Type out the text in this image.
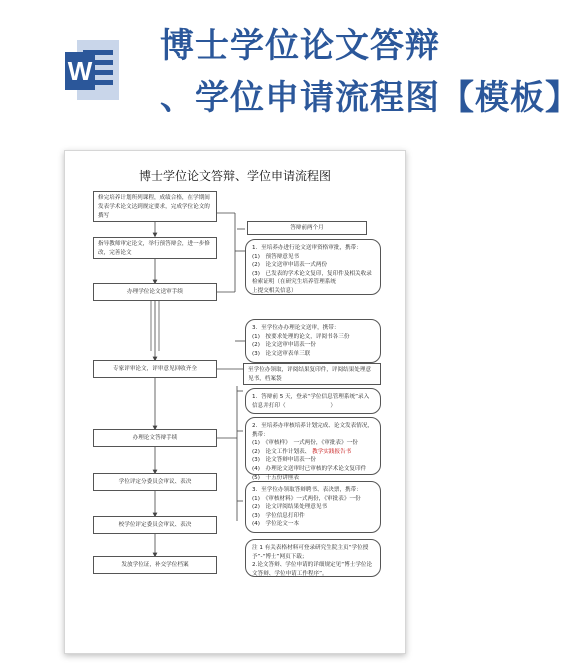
W
博士学位论文答辩
、学位申请流程图【模板】
博士学位论文答辩、学位申请流程图
修完培养计划所列课程，成绩合格，在学期间发表学术论文达到规定要求，完成学位论文的撰写
指导教师审定论文，举行预答辩会，进一步修改，完善论文
办理学位论文送审手续
专家评审论文，评审意见回收齐全
办理论文答辩手续
学位评定分委员会审议、表决
校学位评定委员会审议、表决
发放学位证，补交学位档案
答辩前两个月
1．至培养办进行论文送审资格审批，携带：
(1)　预答辩意见书
(2)　论文送审申请表一式两份
(3)　已发表的学术论文复印，复印件及相关收录检索证明（在研究生培养管理系统
上提交相关信息）
3．至学位办办理论文送审，携带：
(1)　按要求处理的论文，评阅书各三份
(2)　论文送审申请表一份
(3)　论文送审表单三联
至学位办领取，评阅结果复印件，评阅结果处理意见书，档案袋
1．答辩前 5 天，登录“学位信息管理系统”录入信息并打印（　　　　　　　　）
2．至培养办审核培养计划完成、论文发表情况，携带：
(1)　《审核样》　一式两份，《审批表》一份
(2)　论文工作计划表、 教学实践报告书
(3)　论文答辩申请表一份
(4)　办理论文送审时已审核的学术论文复印件
(5)　十五份讲座表
3．至学位办领取答辩聘书、表决票，携带：
(1)　《审核材料》一式两份，《审批表》一份
(2)　论文评阅结果处理意见书
(3)　学位信息打印件
(4)　学位论文一本
注 1 有关表格材料可登录研究生院主页“学位授予”-“博士”网页下载；
2.论文答辩、学位申请的详细规定见“博士学位论文答辩、学位申请工作程序”。
